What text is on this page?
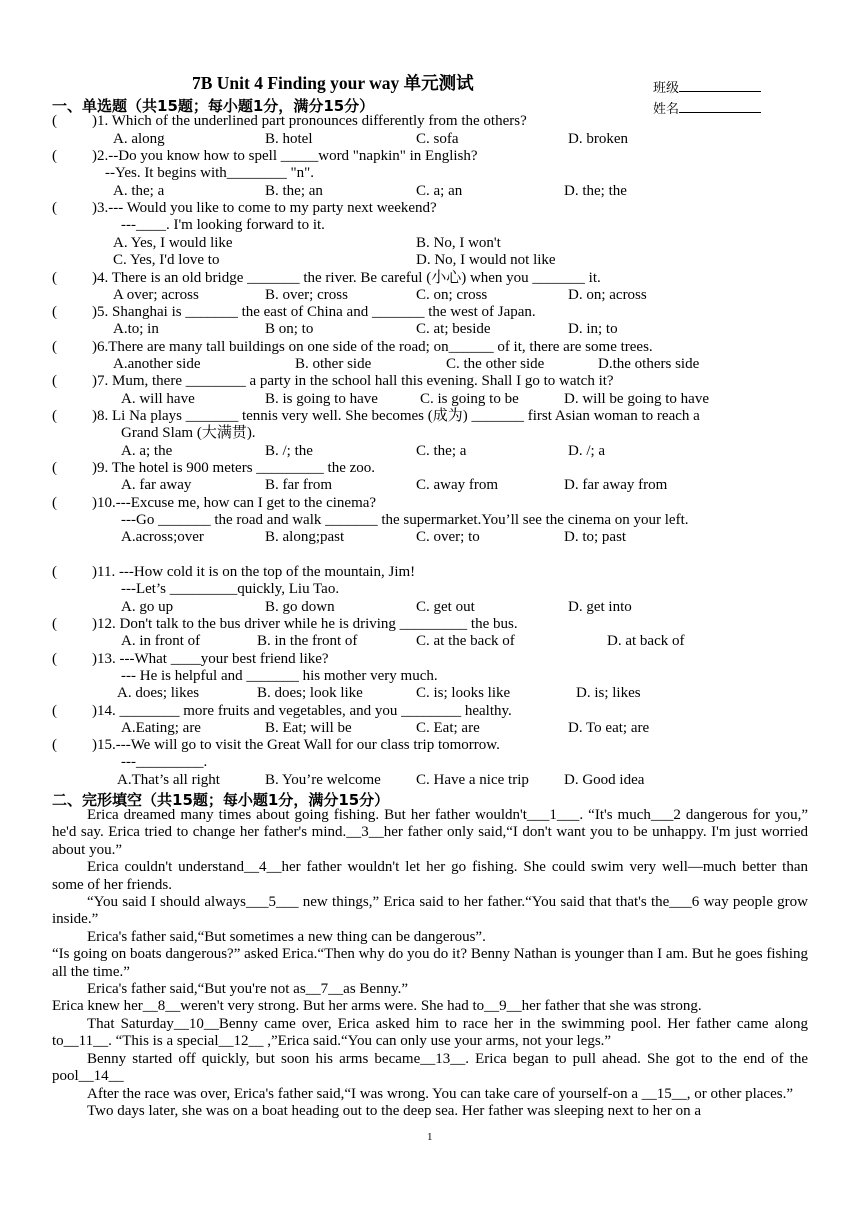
7B Unit 4 Finding your way 单元测试	班级
姓名
一、单选题（共15题；每小题1分，满分15分）
( )1. Which of the underlined part pronounces differently from the others?
A. along	B. hotel	C. sofa	D. broken
( )2.--Do you know how to spell _____word "napkin" in English?
--Yes. It begins with________ "n".
A. the; a	B. the; an	C. a; an	D. the; the
( )3.--- Would you like to come to my party next weekend?
---____. I'm looking forward to it.
A. Yes, I would like	B. No, I won't
C. Yes, I'd love to	D. No, I would not like
( )4. There is an old bridge _______ the river. Be careful (小心) when you _______ it.
A over; across	B. over; cross	C. on; cross	D. on; across
( )5. Shanghai is _______ the east of China and _______ the west of Japan.
A.to; in	B on; to	C. at; beside	D. in; to
( )6.There are many tall buildings on one side of the road; on______ of it, there are some trees.
A.another side	B. other side	C. the other side	D.the others side
( )7. Mum, there ________ a party in the school hall this evening. Shall I go to watch it?
A. will have	B. is going to have	C. is going to be	D. will be going to have
( )8. Li Na plays _______ tennis very well. She becomes (成为) _______ first Asian woman to reach a
Grand Slam (大满贯).
A. a; the	B. /; the	C. the; a	D. /; a
( )9. The hotel is 900 meters _________ the zoo.
A. far away	B. far from	C. away from	D. far away from
( )10.---Excuse me, how can I get to the cinema?
---Go _______ the road and walk _______ the supermarket.You’ll see the cinema on your left.
A.across;over	B. along;past	C. over; to	D. to; past
( )11. ---How cold it is on the top of the mountain, Jim!
---Let’s _________quickly, Liu Tao.
A. go up	B. go down	C. get out	D. get into
( )12. Don't talk to the bus driver while he is driving _________ the bus.
A. in front of	B. in the front of	C. at the back of	D. at back of
( )13. ---What ____your best friend like?
--- He is helpful and _______ his mother very much.
A. does; likes	B. does; look like	C. is; looks like	D. is; likes
( )14. ________ more fruits and vegetables, and you ________ healthy.
A.Eating; are	B. Eat; will be	C. Eat; are	D. To eat; are
( )15.---We will go to visit the Great Wall for our class trip tomorrow.
---_________.
A.That’s all right	B. You’re welcome C. Have a nice trip D. Good idea
二、完形填空（共15题；每小题1分，满分15分）

Erica dreamed many times about going fishing. But her father wouldn't___1___. “It's much___2 dangerous for you,” he'd say. Erica tried to change her father's mind.__3__her father only said,“I don't want you to be unhappy. I'm just worried about you.”

Erica couldn't understand__4__her father wouldn't let her go fishing. She could swim very well—much better than some of her friends.

“You said I should always___5___ new things,” Erica said to her father.“You said that that's the___6 way people grow inside.”

Erica's father said,“But sometimes a new thing can be dangerous”.

“Is going on boats dangerous?” asked Erica.“Then why do you do it? Benny Nathan is younger than I am. But he goes fishing all the time.”

Erica's father said,“But you're not as__7__as Benny.”

Erica knew her__8__weren't very strong. But her arms were. She had to__9__her father that she was strong.

That Saturday__10__Benny came over, Erica asked him to race her in the swimming pool. Her father came along to__11__. “This is a special__12__ ,”Erica said.“You can only use your arms, not your legs.”

Benny started off quickly, but soon his arms became__13__. Erica began to pull ahead. She got to the end of the pool__14__

After the race was over, Erica's father said,“I was wrong. You can take care of yourself-on a __15__, or other places.”

Two days later, she was on a boat heading out to the deep sea. Her father was sleeping next to her on a

1
